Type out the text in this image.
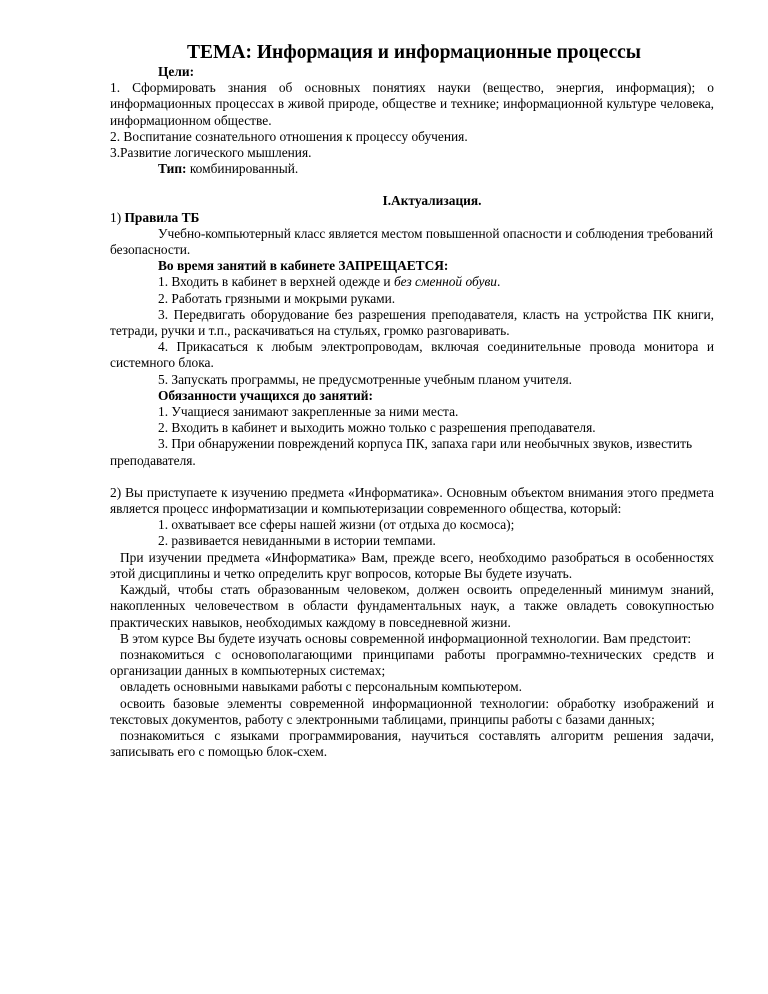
ТЕМА: Информация и информационные процессы
Цели:
1. Сформировать знания об основных понятиях науки (вещество, энергия, информация); о информационных процессах в живой природе, обществе и технике; информационной культуре человека, информационном обществе.
2. Воспитание сознательного отношения к процессу обучения.
3.Развитие логического мышления.
Тип: комбинированный.
I.Актуализация.
1) Правила ТБ
Учебно-компьютерный класс является местом повышенной опасности и соблюдения требований безопасности.
Во время занятий в кабинете ЗАПРЕЩАЕТСЯ:
1. Входить в кабинет в верхней одежде и без сменной обуви.
2. Работать грязными и мокрыми руками.
3. Передвигать оборудование без разрешения преподавателя, класть на устройства ПК книги, тетради, ручки и т.п., раскачиваться на стульях, громко разговаривать.
4. Прикасаться к любым электропроводам, включая соединительные провода монитора и системного блока.
5. Запускать программы, не предусмотренные учебным планом учителя.
Обязанности учащихся до занятий:
1. Учащиеся занимают закрепленные за ними места.
2. Входить в кабинет и выходить можно только с разрешения преподавателя.
3. При обнаружении повреждений корпуса ПК, запаха гари или необычных звуков, известить преподавателя.
2) Вы приступаете к изучению предмета «Информатика». Основным объектом внимания этого предмета является процесс информатизации и компьютеризации современного общества, который:
1. охватывает все сферы нашей жизни (от отдыха до космоса);
2. развивается невиданными в истории темпами.
При изучении предмета «Информатика» Вам, прежде всего, необходимо разобраться в особенностях этой дисциплины и четко определить круг вопросов, которые Вы будете изучать.
Каждый, чтобы стать образованным человеком, должен освоить определенный минимум знаний, накопленных человечеством в области фундаментальных наук, а также овладеть совокупностью практических навыков, необходимых каждому в повседневной жизни.
В этом курсе Вы будете изучать основы современной информационной технологии. Вам предстоит:
познакомиться с основополагающими принципами работы программно-технических средств и организации данных в компьютерных системах;
овладеть основными навыками работы с персональным компьютером.
освоить базовые элементы современной информационной технологии: обработку изображений и текстовых документов, работу с электронными таблицами, принципы работы с базами данных;
познакомиться с языками программирования, научиться составлять алгоритм решения задачи, записывать его с помощью блок-схем.
